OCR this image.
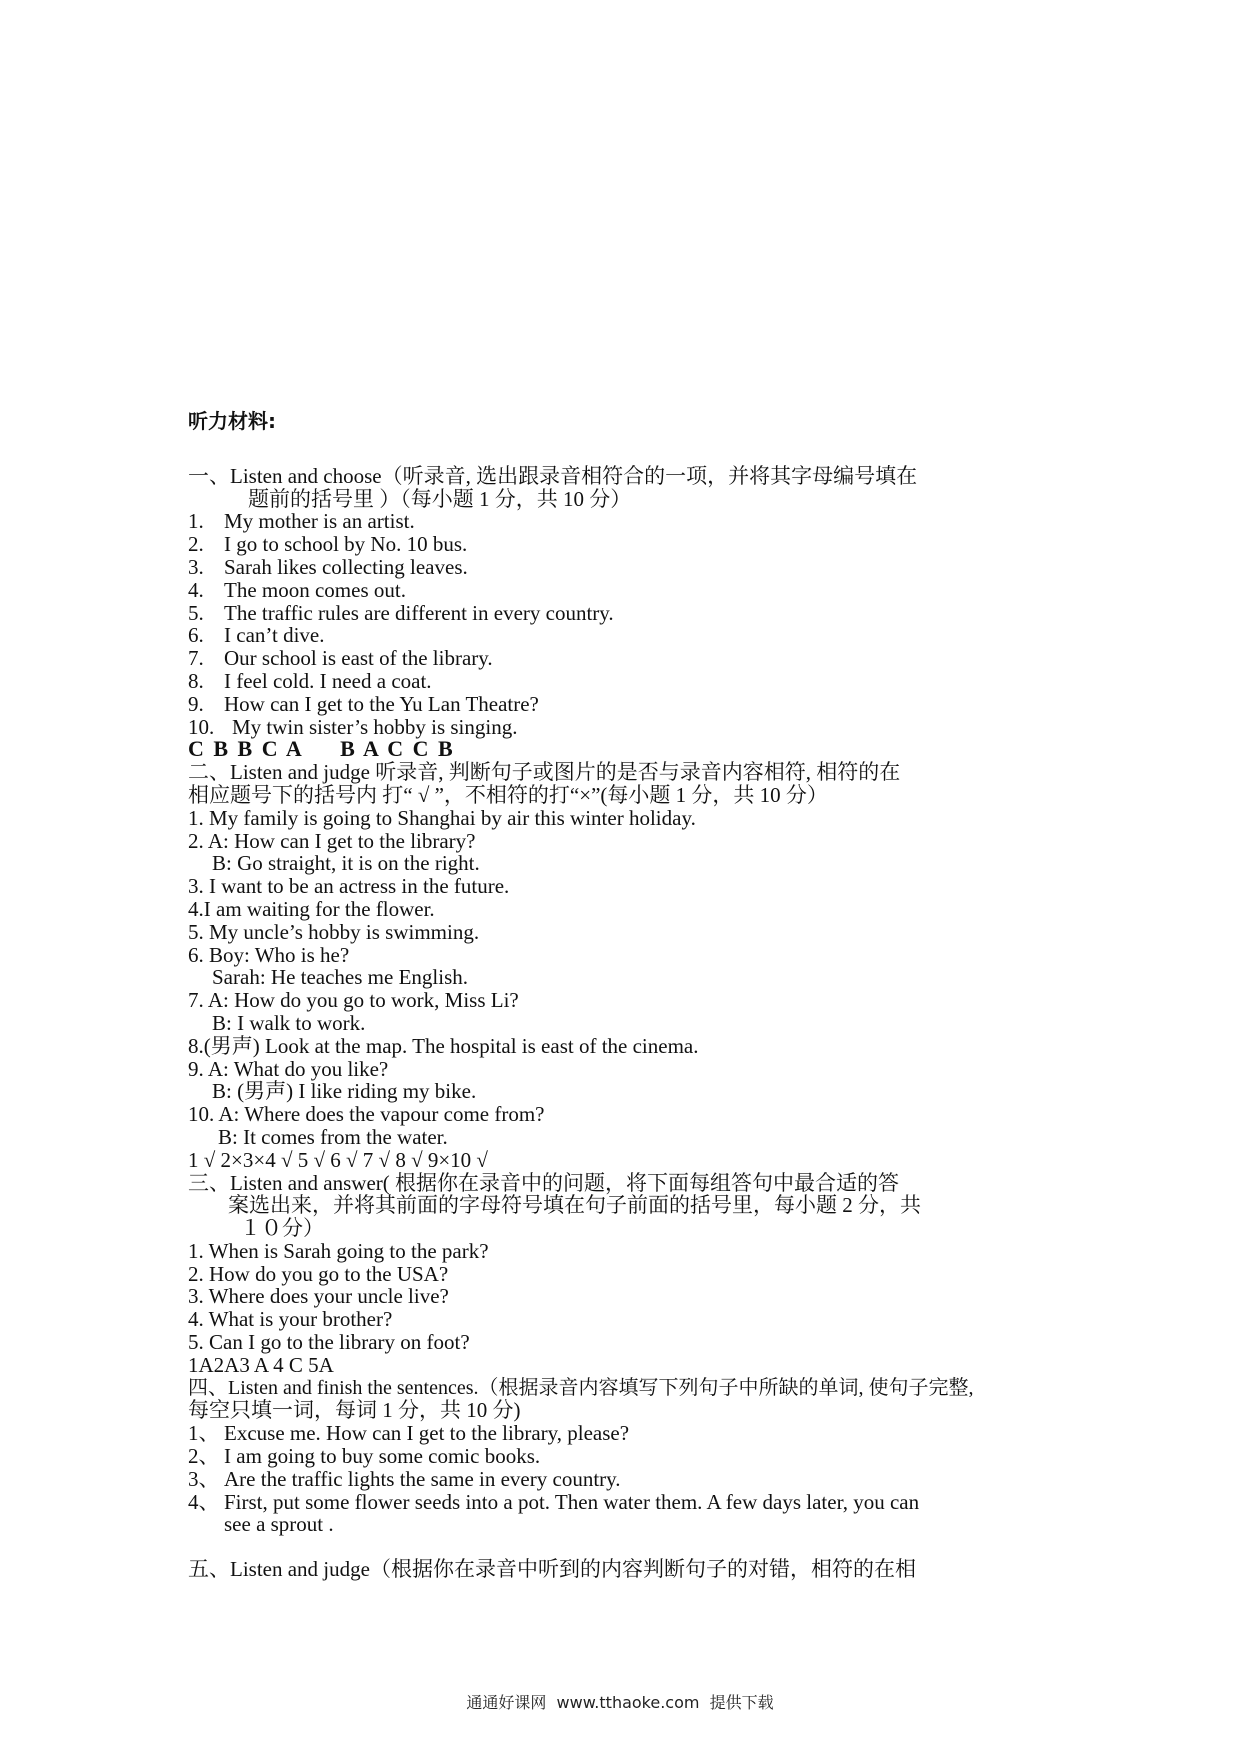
听力材料:
一、Listen and choose（听录音, 选出跟录音相符合的一项，并将其字母编号填在
题前的括号里 ）（每小题 1 分，共 10 分）
1. My mother is an artist.
2. I go to school by No. 10 bus.
3. Sarah likes collecting leaves.
4. The moon comes out.
5. The traffic rules are different in every country.
6. I can’t dive.
7. Our school is east of the library.
8. I feel cold. I need a coat.
9. How can I get to the Yu Lan Theatre?
10. My twin sister’s hobby is singing.
C B B C A     B A C C B
二、Listen and judge 听录音, 判断句子或图片的是否与录音内容相符, 相符的在
相应题号下的括号内 打“ √ ”，不相符的打“×”(每小题 1 分，共 10 分）
1. My family is going to Shanghai by air this winter holiday.
2. A: How can I get to the library?
B: Go straight, it is on the right.
3. I want to be an actress in the future.
4.I am waiting for the flower.
5. My uncle’s hobby is swimming.
6. Boy: Who is he?
Sarah: He teaches me English.
7. A: How do you go to work, Miss Li?
B: I walk to work.
8.(男声) Look at the map. The hospital is east of the cinema.
9. A: What do you like?
B: (男声) I like riding my bike.
10. A: Where does the vapour come from?
B: It comes from the water.
1 √ 2×3×4 √ 5 √ 6 √ 7 √ 8 √ 9×10 √
三、Listen and answer( 根据你在录音中的问题，将下面每组答句中最合适的答
案选出来，并将其前面的字母符号填在句子前面的括号里，每小题 2 分，共
１０分）
1. When is Sarah going to the park?
2. How do you go to the USA?
3. Where does your uncle live?
4. What is your brother?
5. Can I go to the library on foot?
1A2A3 A 4 C 5A
四、Listen and finish the sentences.（根据录音内容填写下列句子中所缺的单词, 使句子完整,
每空只填一词，每词 1 分，共 10 分)
1、 Excuse me. How can I get to the library, please?
2、 I am going to buy some comic books.
3、 Are the traffic lights the same in every country.
4、 First, put some flower seeds into a pot. Then water them. A few days later, you can
see a sprout .
五、Listen and judge（根据你在录音中听到的内容判断句子的对错，相符的在相
通通好课网  www.tthaoke.com  提供下载
